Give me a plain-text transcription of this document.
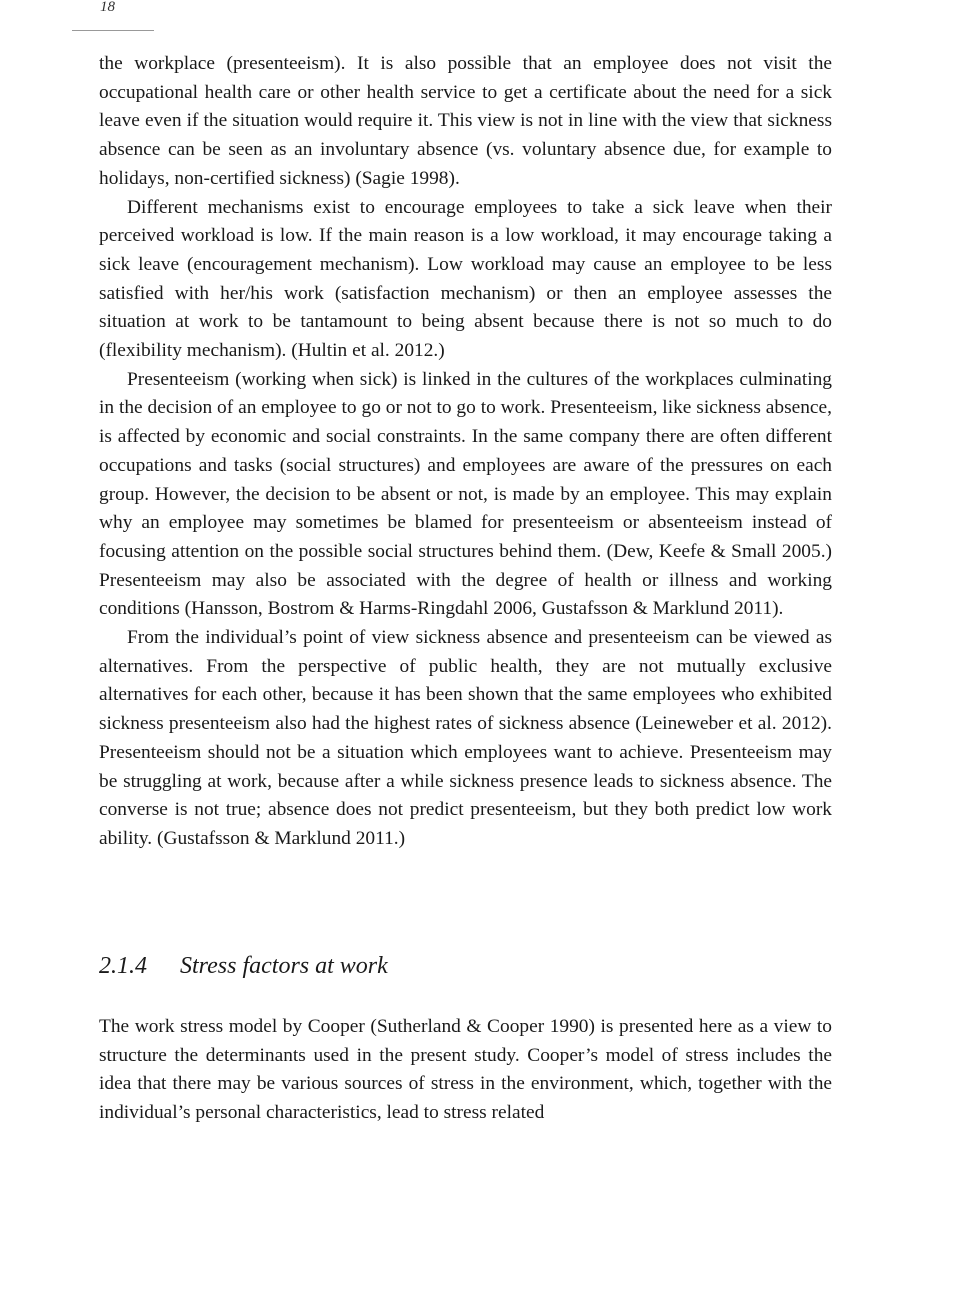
18

the workplace (presenteeism). It is also possible that an employee does not visit the occupational health care or other health service to get a certificate about the need for a sick leave even if the situation would require it. This view is not in line with the view that sickness absence can be seen as an involuntary absence (vs. voluntary absence due, for example to holidays, non-certified sickness) (Sagie 1998).

Different mechanisms exist to encourage employees to take a sick leave when their perceived workload is low. If the main reason is a low workload, it may encourage taking a sick leave (encouragement mechanism). Low workload may cause an employee to be less satisfied with her/his work (satisfaction mechanism) or then an employee assesses the situation at work to be tantamount to being absent because there is not so much to do (flexibility mechanism). (Hultin et al. 2012.)

Presenteeism (working when sick) is linked in the cultures of the workplaces culminating in the decision of an employee to go or not to go to work. Presenteeism, like sickness absence, is affected by economic and social constraints. In the same company there are often different occupations and tasks (social structures) and employees are aware of the pressures on each group. However, the decision to be absent or not, is made by an employee. This may explain why an employee may sometimes be blamed for presenteeism or absenteeism instead of focusing attention on the possible social structures behind them. (Dew, Keefe & Small 2005.) Presenteeism may also be associated with the degree of health or illness and working conditions (Hansson, Bostrom & Harms-Ringdahl 2006, Gustafsson & Marklund 2011).

From the individual’s point of view sickness absence and presenteeism can be viewed as alternatives. From the perspective of public health, they are not mutually exclusive alternatives for each other, because it has been shown that the same employees who exhibited sickness presenteeism also had the highest rates of sickness absence (Leineweber et al. 2012). Presenteeism should not be a situation which employees want to achieve. Presenteeism may be struggling at work, because after a while sickness presence leads to sickness absence. The converse is not true; absence does not predict presenteeism, but they both predict low work ability. (Gustafsson & Marklund 2011.)

2.1.4 Stress factors at work

The work stress model by Cooper (Sutherland & Cooper 1990) is presented here as a view to structure the determinants used in the present study. Cooper’s model of stress includes the idea that there may be various sources of stress in the environment, which, together with the individual’s personal characteristics, lead to stress related
